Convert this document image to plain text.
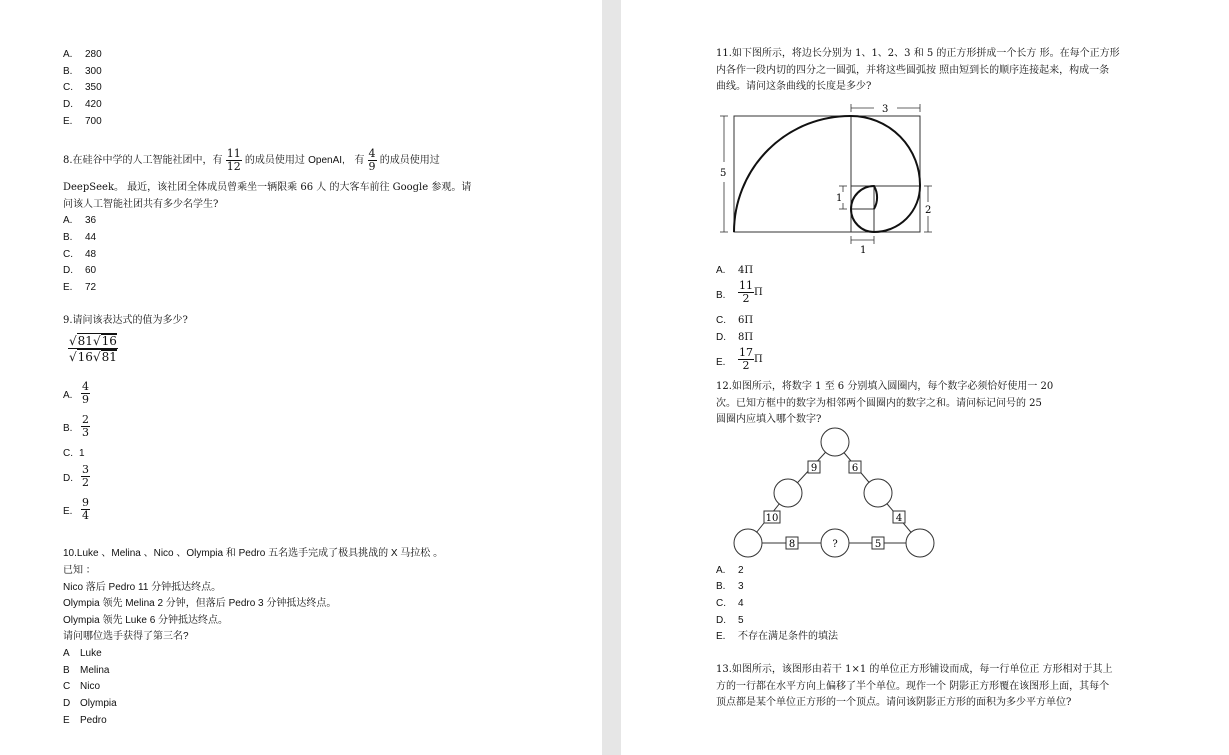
A. 280
B. 300
C. 350
D. 420
E. 700
8.在硅谷中学的人工智能社团中，有 $\frac{11}{12}$ 的成员使用过 OpenAI, 有 $\frac{4}{9}$ 的成员使用过
DeepSeek。 最近，该社团全体成员曾乘坐一辆限乘 66 人 的大客车前往 Google 参观。请
问该人工智能社团共有多少名学生?
A. 36
B. 44
C. 48
D. 60
E. 72
9.请问该表达式的值为多少?
$\frac{√81√16}{√16√81}$
A. $\frac{4}{9}$
B. $\frac{2}{3}$
C. 1
D. $\frac{3}{2}$
E. $\frac{9}{4}$
10.Luke 、Melina 、Nico 、Olympia 和 Pedro 五名选手完成了极具挑战的 X 马拉松 。
已知 ：
Nico 落后 Pedro 11 分钟抵达终点。
Olympia 领先 Melina 2 分钟，但落后 Pedro 3 分钟抵达终点。
Olympia 领先 Luke 6 分钟抵达终点。
请问哪位选手获得了第三名?
A Luke
B Melina
C Nico
D Olympia
E Pedro
11.如下图所示，将边长分别为 1、1、2、3 和 5 的正方形拼成一个长方 形。在每个正方形
内各作一段内切的四分之一圆弧，并将这些圆弧按 照由短到长的顺序连接起来，构成一条
曲线。请问这条曲线的长度是多少?
3
5
1
2
1
A. 4Π
B. $\frac{11}{2}$ Π
C. 6Π
D. 8Π
E. $\frac{17}{2}$ Π
12.如图所示，将数字 1 至 6 分别填入圆圈内，每个数字必须恰好使用一 20
次。已知方框中的数字为相邻两个圆圈内的数字之和。请问标记问号的 25
圆圈内应填入哪个数字?
9	6
10	4
8	5
?
A. 2
B. 3
C. 4
D. 5
E. 不存在满足条件的填法
13.如图所示，该图形由若干 1×1 的单位正方形铺设而成，每一行单位正 方形相对于其上
方的一行都在水平方向上偏移了半个单位。现作一个 阴影正方形覆在该图形上面，其每个
顶点都是某个单位正方形的一个顶点。请问该阴影正方形的面积为多少平方单位?
